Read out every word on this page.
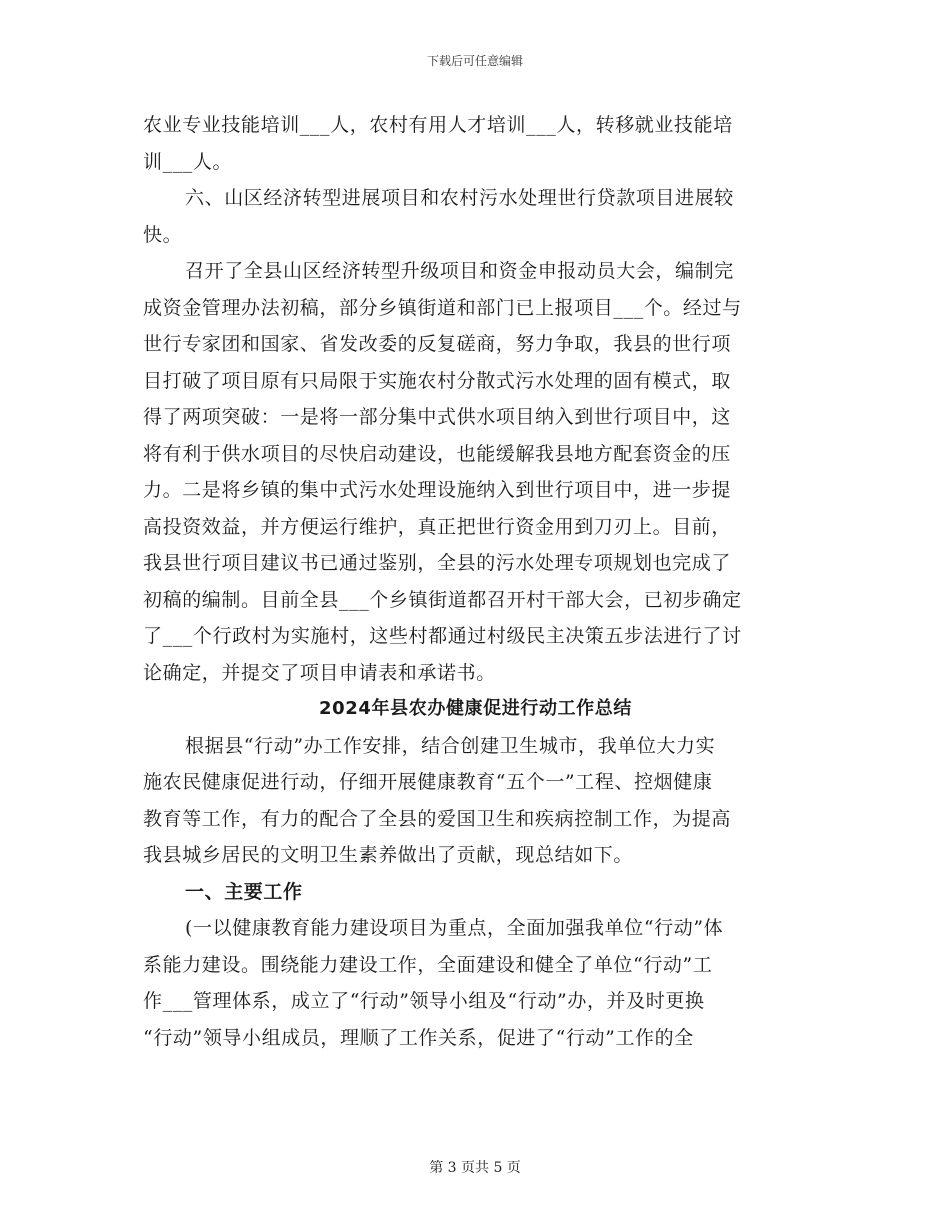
下载后可任意编辑
农业专业技能培训___人，农村有用人才培训___人，转移就业技能培
训___人。
六、山区经济转型进展项目和农村污水处理世行贷款项目进展较
快。
召开了全县山区经济转型升级项目和资金申报动员大会，编制完
成资金管理办法初稿，部分乡镇街道和部门已上报项目___个。经过与
世行专家团和国家、省发改委的反复磋商，努力争取，我县的世行项
目打破了项目原有只局限于实施农村分散式污水处理的固有模式，取
得了两项突破：一是将一部分集中式供水项目纳入到世行项目中，这
将有利于供水项目的尽快启动建设，也能缓解我县地方配套资金的压
力。二是将乡镇的集中式污水处理设施纳入到世行项目中，进一步提
高投资效益，并方便运行维护，真正把世行资金用到刀刃上。目前，
我县世行项目建议书已通过鉴别，全县的污水处理专项规划也完成了
初稿的编制。目前全县___个乡镇街道都召开村干部大会，已初步确定
了___个行政村为实施村，这些村都通过村级民主决策五步法进行了讨
论确定，并提交了项目申请表和承诺书。
2024年县农办健康促进行动工作总结
根据县“行动”办工作安排，结合创建卫生城市，我单位大力实
施农民健康促进行动，仔细开展健康教育“五个一”工程、控烟健康
教育等工作，有力的配合了全县的爱国卫生和疾病控制工作，为提高
我县城乡居民的文明卫生素养做出了贡献，现总结如下。
一、主要工作
(一以健康教育能力建设项目为重点，全面加强我单位“行动”体
系能力建设。围绕能力建设工作，全面建设和健全了单位“行动”工
作___管理体系，成立了“行动”领导小组及“行动”办，并及时更换
“行动”领导小组成员，理顺了工作关系，促进了“行动”工作的全
第 3 页共 5 页
